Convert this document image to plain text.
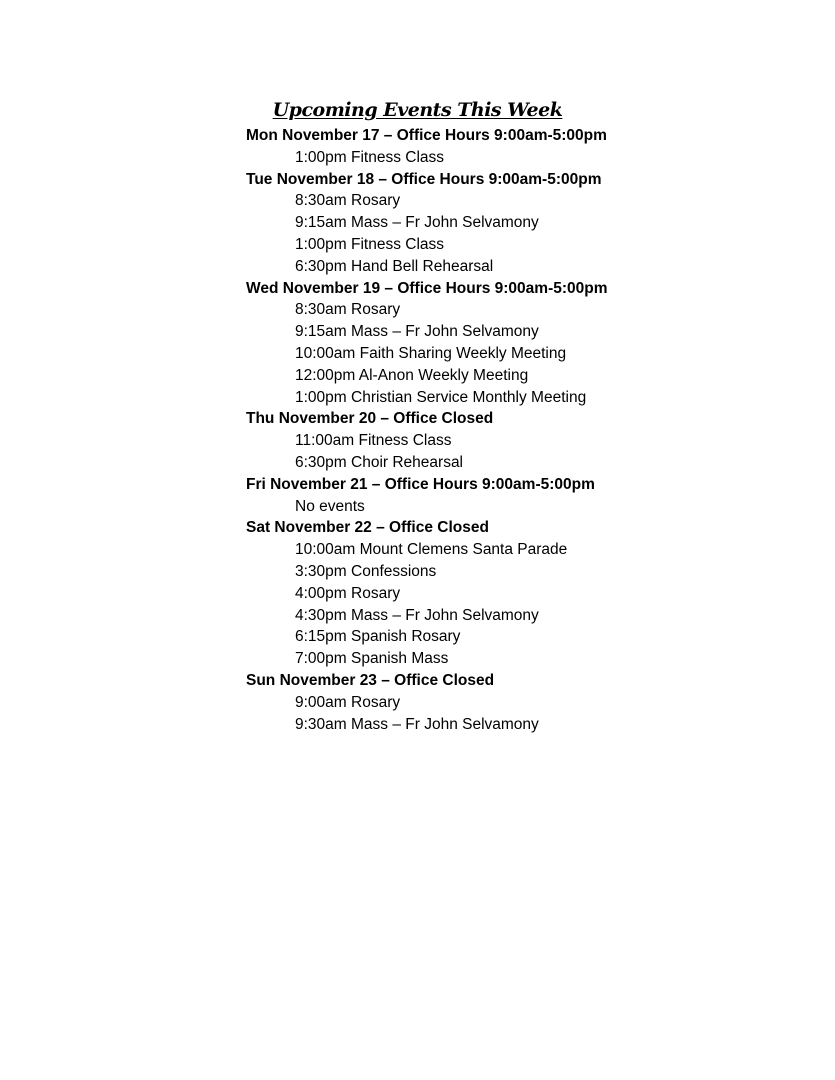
Upcoming Events This Week
Mon November 17 – Office Hours 9:00am-5:00pm
1:00pm Fitness Class
Tue November 18 – Office Hours 9:00am-5:00pm
8:30am Rosary
9:15am Mass – Fr John Selvamony
1:00pm Fitness Class
6:30pm Hand Bell Rehearsal
Wed November 19 – Office Hours 9:00am-5:00pm
8:30am Rosary
9:15am Mass – Fr John Selvamony
10:00am Faith Sharing Weekly Meeting
12:00pm Al-Anon Weekly Meeting
1:00pm Christian Service Monthly Meeting
Thu November 20 – Office Closed
11:00am Fitness Class
6:30pm Choir Rehearsal
Fri November 21 – Office Hours 9:00am-5:00pm
No events
Sat November 22 – Office Closed
10:00am Mount Clemens Santa Parade
3:30pm Confessions
4:00pm Rosary
4:30pm Mass – Fr John Selvamony
6:15pm Spanish Rosary
7:00pm Spanish Mass
Sun November 23 – Office Closed
9:00am Rosary
9:30am Mass – Fr John Selvamony
